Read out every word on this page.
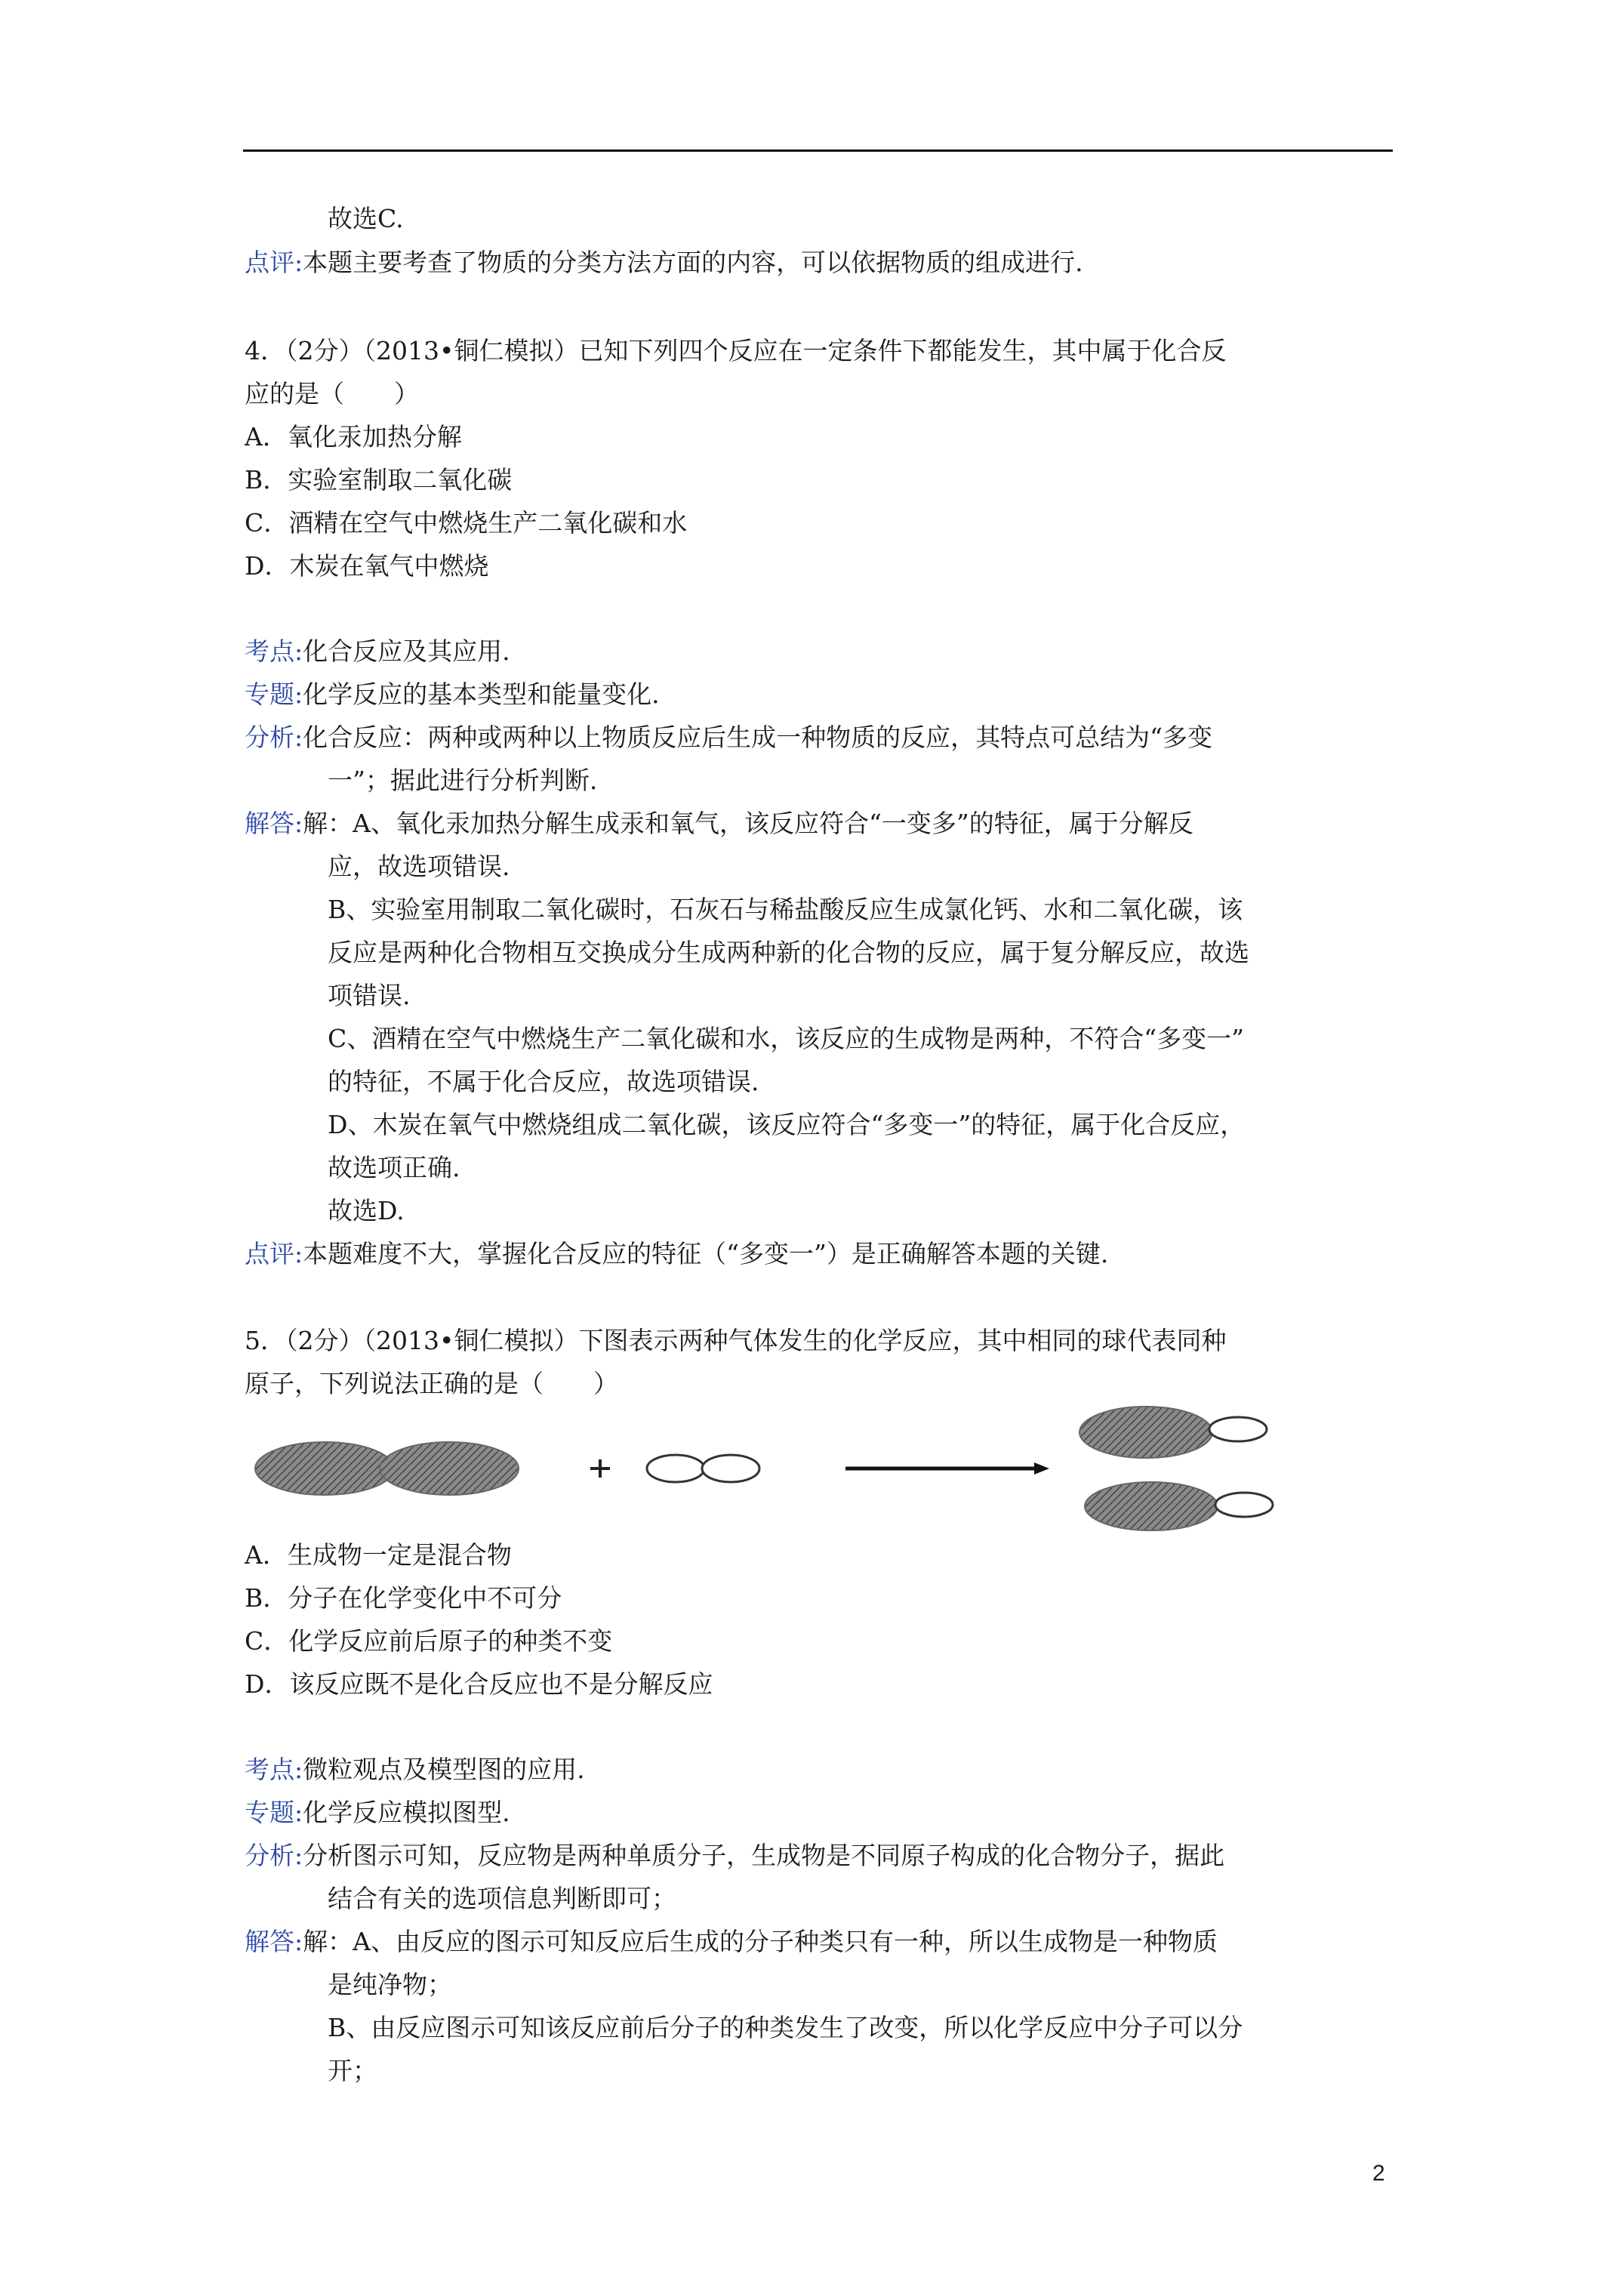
故选C.
点评:本题主要考查了物质的分类方法方面的内容，可以依据物质的组成进行.
4．（2分）（2013•铜仁模拟）已知下列四个反应在一定条件下都能发生，其中属于化合反
应的是（　　）
A．氧化汞加热分解
B．实验室制取二氧化碳
C．酒精在空气中燃烧生产二氧化碳和水
D．木炭在氧气中燃烧
考点:化合反应及其应用.
专题:化学反应的基本类型和能量变化.
分析:化合反应：两种或两种以上物质反应后生成一种物质的反应，其特点可总结为“多变
一”；据此进行分析判断.
解答:解：A、氧化汞加热分解生成汞和氧气，该反应符合“一变多”的特征，属于分解反
应，故选项错误.
B、实验室用制取二氧化碳时，石灰石与稀盐酸反应生成氯化钙、水和二氧化碳，该
反应是两种化合物相互交换成分生成两种新的化合物的反应，属于复分解反应，故选
项错误.
C、酒精在空气中燃烧生产二氧化碳和水，该反应的生成物是两种，不符合“多变一”
的特征，不属于化合反应，故选项错误.
D、木炭在氧气中燃烧组成二氧化碳，该反应符合“多变一”的特征，属于化合反应，
故选项正确.
故选D.
点评:本题难度不大，掌握化合反应的特征（“多变一”）是正确解答本题的关键.
5．（2分）（2013•铜仁模拟）下图表示两种气体发生的化学反应，其中相同的球代表同种
原子，下列说法正确的是（　　）
A．生成物一定是混合物
B．分子在化学变化中不可分
C．化学反应前后原子的种类不变
D．该反应既不是化合反应也不是分解反应
考点:微粒观点及模型图的应用.
专题:化学反应模拟图型.
分析:分析图示可知，反应物是两种单质分子，生成物是不同原子构成的化合物分子，据此
结合有关的选项信息判断即可；
解答:解：A、由反应的图示可知反应后生成的分子种类只有一种，所以生成物是一种物质
是纯净物；
B、由反应图示可知该反应前后分子的种类发生了改变，所以化学反应中分子可以分
开；
2
